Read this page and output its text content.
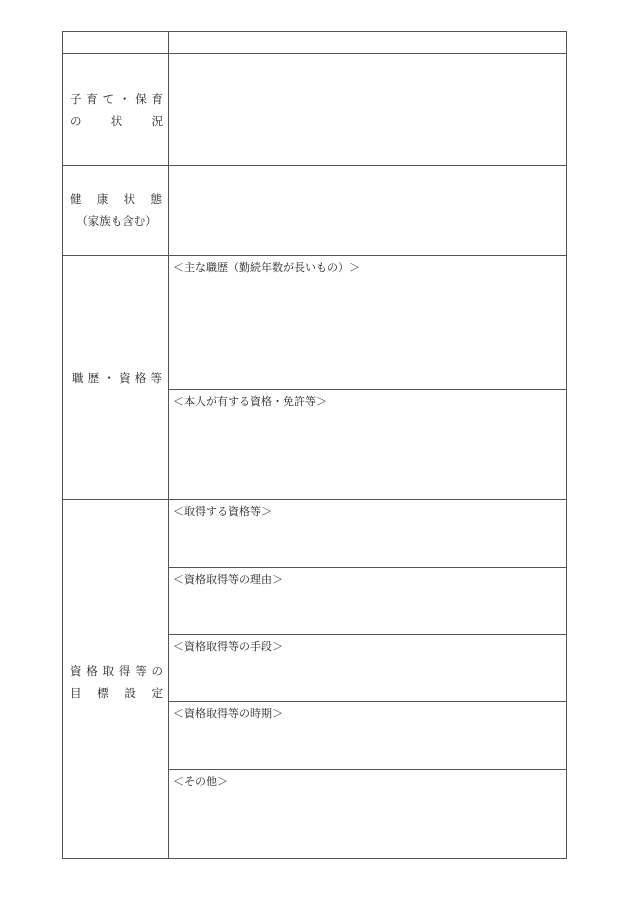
子 育 て ・ 保 育
の	状	況
健 康 状 態
（家族も含む）
職 歴 ・ 資 格 等
＜主な職歴（勤続年数が長いもの）＞
＜本人が有する資格・免許等＞
資 格 取 得 等 の
目 標 設 定
＜取得する資格等＞
＜資格取得等の理由＞
＜資格取得等の手段＞
＜資格取得等の時期＞
＜その他＞
